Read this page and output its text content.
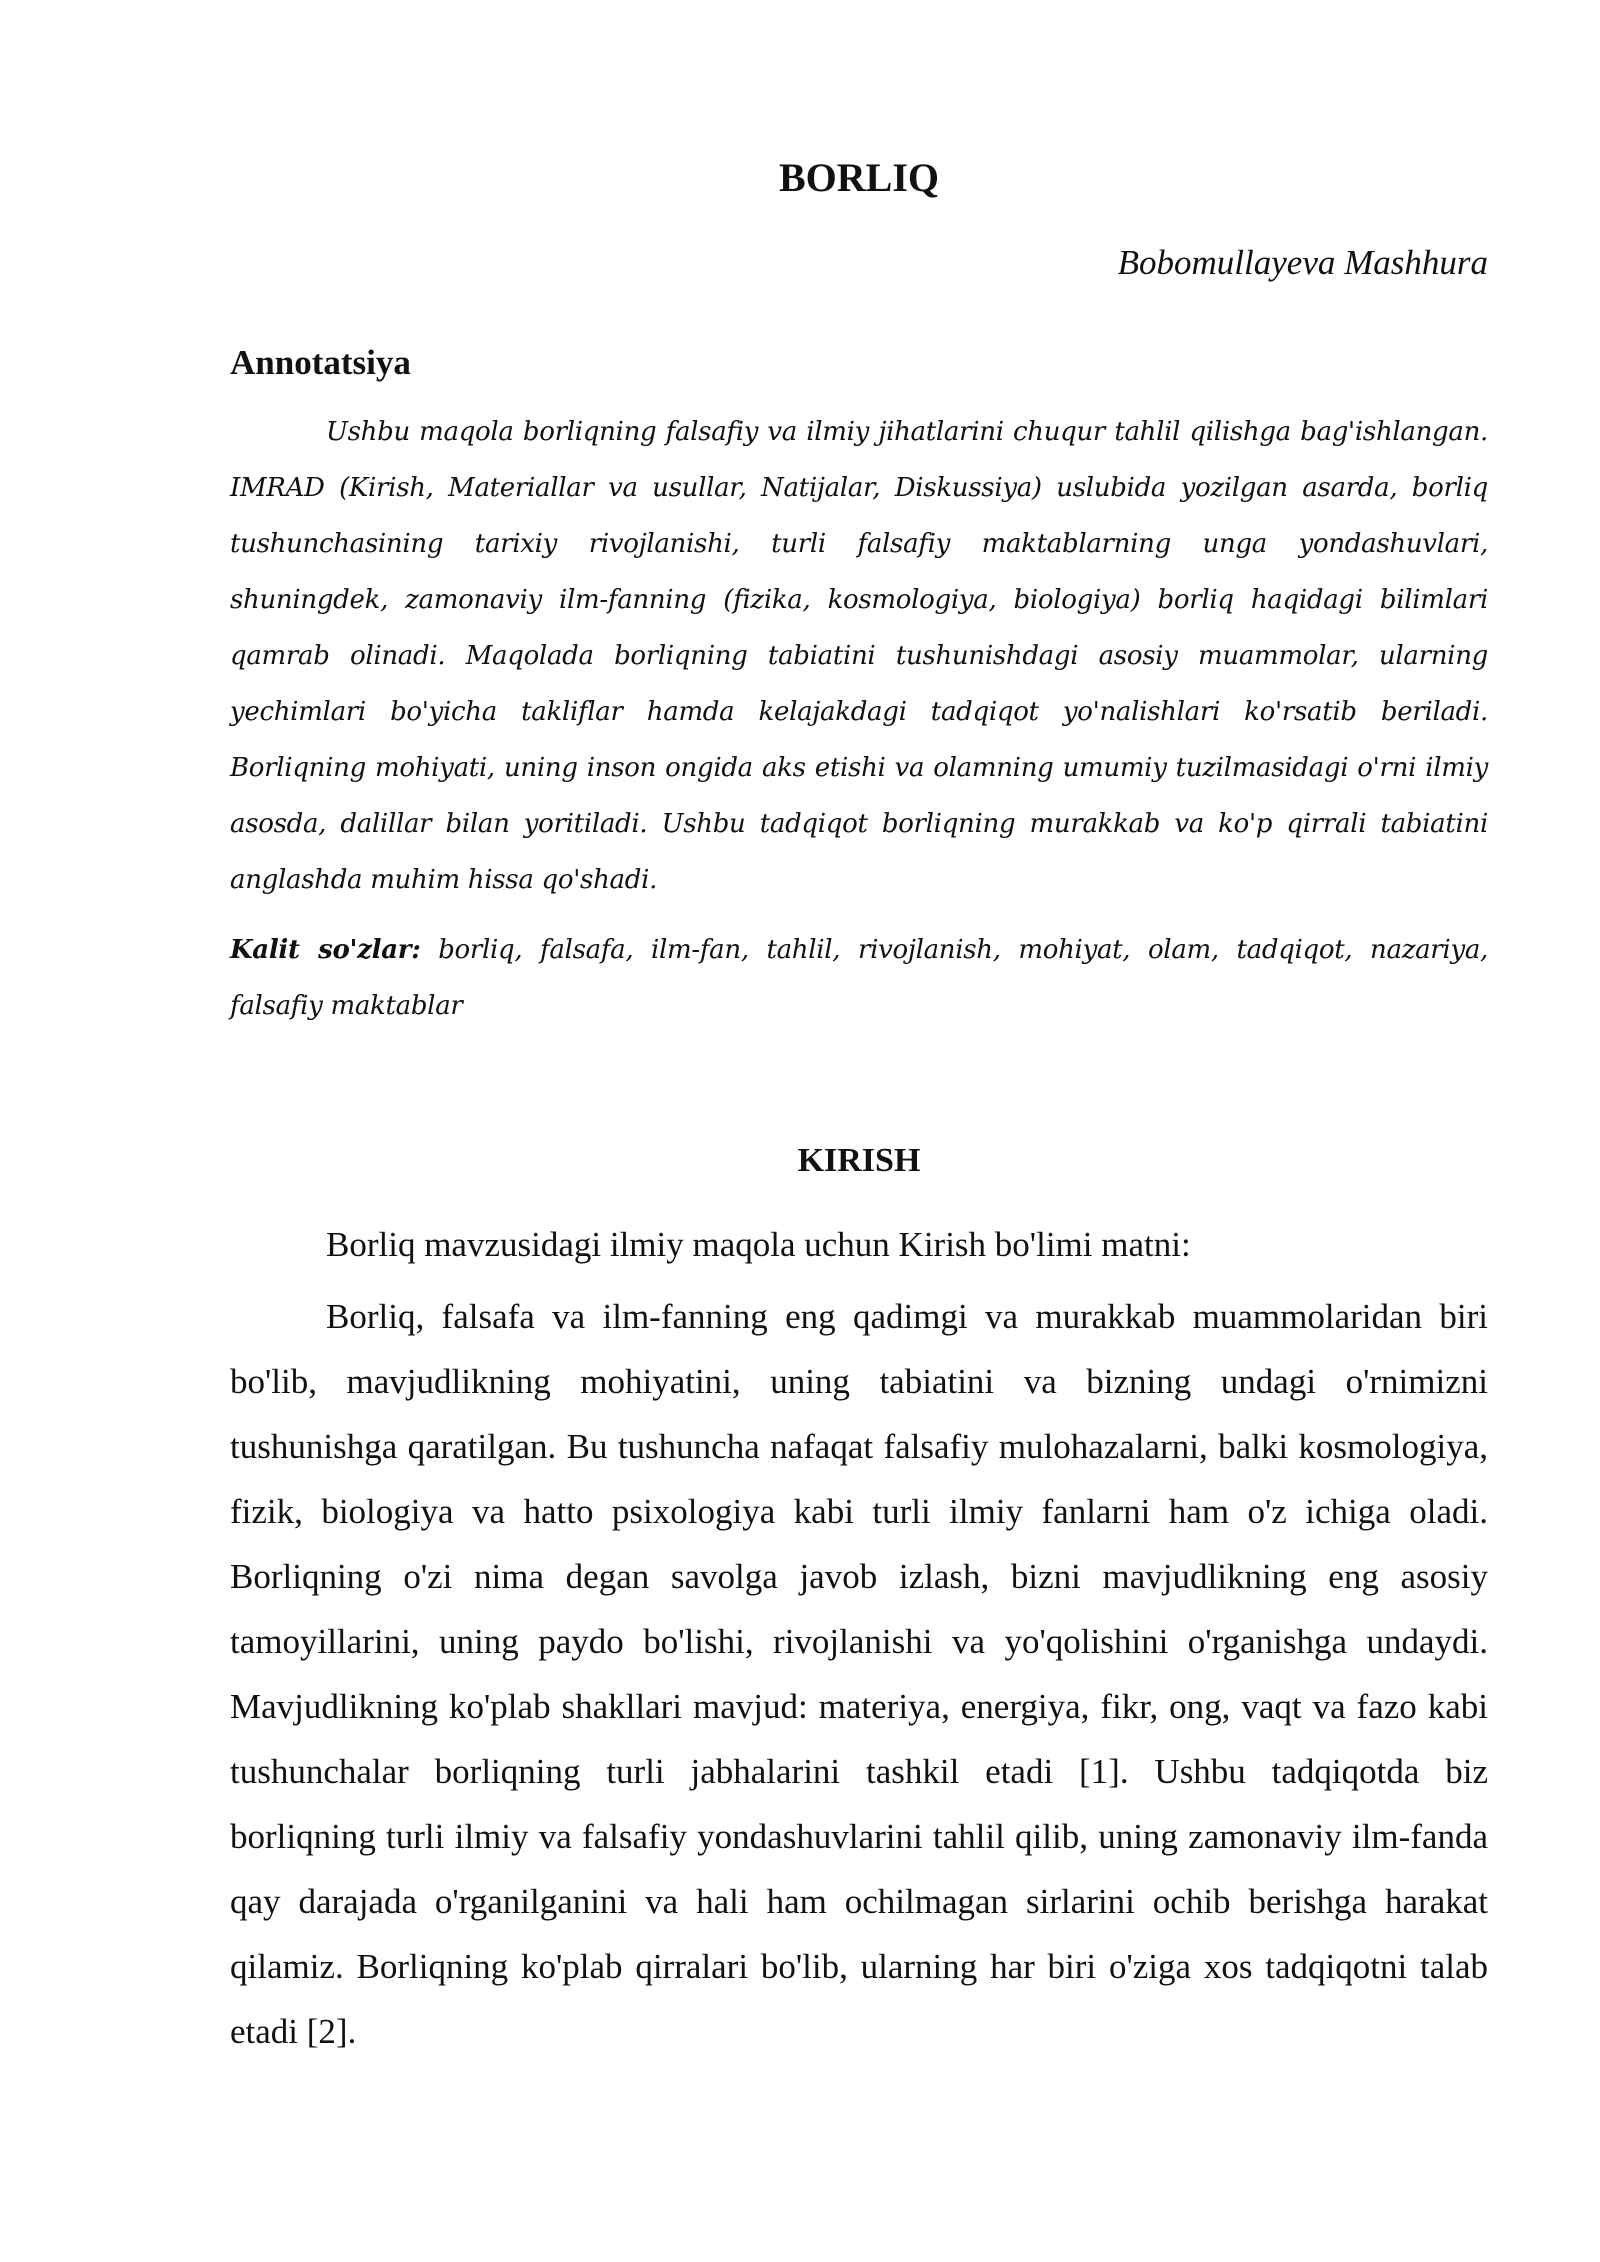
BORLIQ

Bobomullayeva Mashhura

Annotatsiya

Ushbu maqola borliqning falsafiy va ilmiy jihatlarini chuqur tahlil qilishga bag'ishlangan. IMRAD (Kirish, Materiallar va usullar, Natijalar, Diskussiya) uslubida yozilgan asarda, borliq tushunchasining tarixiy rivojlanishi, turli falsafiy maktablarning unga yondashuvlari, shuningdek, zamonaviy ilm-fanning (fizika, kosmologiya, biologiya) borliq haqidagi bilimlari qamrab olinadi. Maqolada borliqning tabiatini tushunishdagi asosiy muammolar, ularning yechimlari bo'yicha takliflar hamda kelajakdagi tadqiqot yo'nalishlari ko'rsatib beriladi. Borliqning mohiyati, uning inson ongida aks etishi va olamning umumiy tuzilmasidagi o'rni ilmiy asosda, dalillar bilan yoritiladi. Ushbu tadqiqot borliqning murakkab va ko'p qirrali tabiatini anglashda muhim hissa qo'shadi.

Kalit so'zlar: borliq, falsafa, ilm-fan, tahlil, rivojlanish, mohiyat, olam, tadqiqot, nazariya, falsafiy maktablar

KIRISH

Borliq mavzusidagi ilmiy maqola uchun Kirish bo'limi matni:

Borliq, falsafa va ilm-fanning eng qadimgi va murakkab muammolaridan biri bo'lib, mavjudlikning mohiyatini, uning tabiatini va bizning undagi o'rnimizni tushunishga qaratilgan. Bu tushuncha nafaqat falsafiy mulohazalarni, balki kosmologiya, fizik, biologiya va hatto psixologiya kabi turli ilmiy fanlarni ham o'z ichiga oladi. Borliqning o'zi nima degan savolga javob izlash, bizni mavjudlikning eng asosiy tamoyillarini, uning paydo bo'lishi, rivojlanishi va yo'qolishini o'rganishga undaydi. Mavjudlikning ko'plab shakllari mavjud: materiya, energiya, fikr, ong, vaqt va fazo kabi tushunchalar borliqning turli jabhalarini tashkil etadi [1]. Ushbu tadqiqotda biz borliqning turli ilmiy va falsafiy yondashuvlarini tahlil qilib, uning zamonaviy ilm-fanda qay darajada o'rganilganini va hali ham ochilmagan sirlarini ochib berishga harakat qilamiz. Borliqning ko'plab qirralari bo'lib, ularning har biri o'ziga xos tadqiqotni talab etadi [2].
